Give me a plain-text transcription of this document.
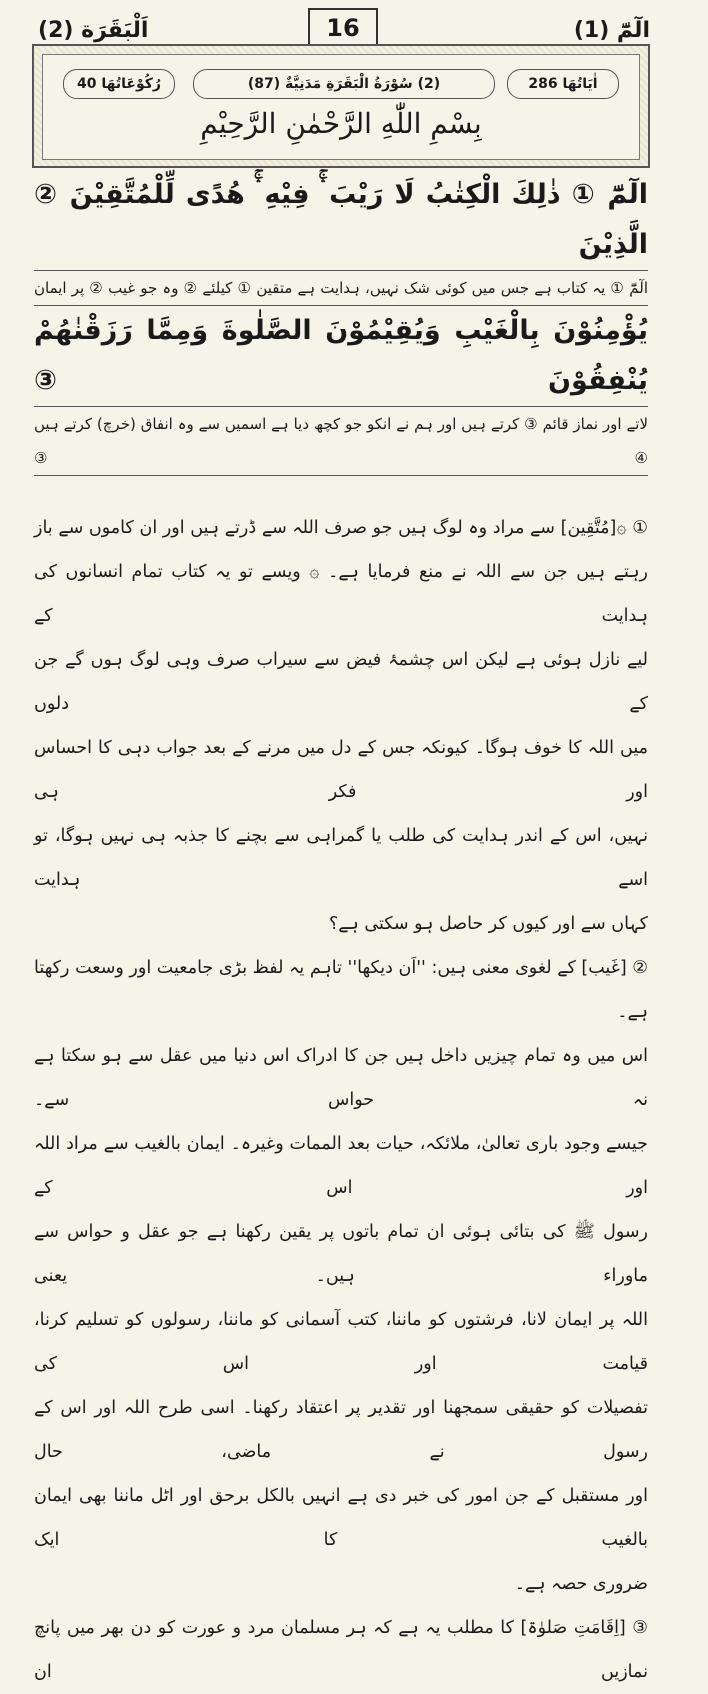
الٓمّٓ (1)
16
اَلْبَقَرَة (2)
اٰیَاتُهَا 286
(2) سُوْرَةُ الْبَقَرَةِ مَدَنِيَّةٌ (87)
رُكُوْعَاتُهَا 40
بِسْمِ اللّٰهِ الرَّحْمٰنِ الرَّحِيْمِ
الٓمّٓ ① ذٰلِكَ الْكِتٰبُ لَا رَيْبَ ۛۚ فِيْهِ ۛۚ هُدًى لِّلْمُتَّقِيْنَ ② الَّذِيْنَ
الٓمّٓ ① یہ کتاب ہے جس میں کوئی شک نہیں، ہدایت ہے متقین ① کیلئے ② وہ جو غیب ② پر ایمان
يُؤْمِنُوْنَ بِالْغَيْبِ وَيُقِيْمُوْنَ الصَّلٰوةَ وَمِمَّا رَزَقْنٰهُمْ يُنْفِقُوْنَ ③
لاتے اور نماز قائم ③ کرتے ہیں اور ہم نے انکو جو کچھ دیا ہے اسمیں سے وہ انفاق (خرچ) کرتے ہیں ④ ③
① ۞[مُتَّقِین] سے مراد وہ لوگ ہیں جو صرف اللہ سے ڈرتے ہیں اور ان کاموں سے باز
رہتے ہیں جن سے اللہ نے منع فرمایا ہے۔ ۞ ویسے تو یہ کتاب تمام انسانوں کی ہدایت کے
لیے نازل ہوئی ہے لیکن اس چشمۂ فیض سے سیراب صرف وہی لوگ ہوں گے جن کے دلوں
میں اللہ کا خوف ہوگا۔ کیونکہ جس کے دل میں مرنے کے بعد جواب دہی کا احساس اور فکر ہی
نہیں، اس کے اندر ہدایت کی طلب یا گمراہی سے بچنے کا جذبہ ہی نہیں ہوگا، تو اسے ہدایت
کہاں سے اور کیوں کر حاصل ہو سکتی ہے؟
② [غَیب] کے لغوی معنی ہیں: ''اَن دیکھا'' تاہم یہ لفظ بڑی جامعیت اور وسعت رکھتا ہے۔
اس میں وہ تمام چیزیں داخل ہیں جن کا ادراک اس دنیا میں عقل سے ہو سکتا ہے نہ حواس سے۔
جیسے وجود باری تعالیٰ، ملائکہ، حیات بعد الممات وغیرہ۔ ایمان بالغیب سے مراد اللہ اور اس کے
رسول ﷺ کی بتائی ہوئی ان تمام باتوں پر یقین رکھنا ہے جو عقل و حواس سے ماوراء ہیں۔ یعنی
اللہ پر ایمان لانا، فرشتوں کو ماننا، کتب آسمانی کو ماننا، رسولوں کو تسلیم کرنا، قیامت اور اس کی
تفصیلات کو حقیقی سمجھنا اور تقدیر پر اعتقاد رکھنا۔ اسی طرح اللہ اور اس کے رسول نے ماضی، حال
اور مستقبل کے جن امور کی خبر دی ہے انہیں بالکل برحق اور اٹل ماننا بھی ایمان بالغیب کا ایک
ضروری حصہ ہے۔
③ [اِقَامَتِ صَلوٰۃ] کا مطلب یہ ہے کہ ہر مسلمان مرد و عورت کو دن بھر میں پانچ نمازیں ان
